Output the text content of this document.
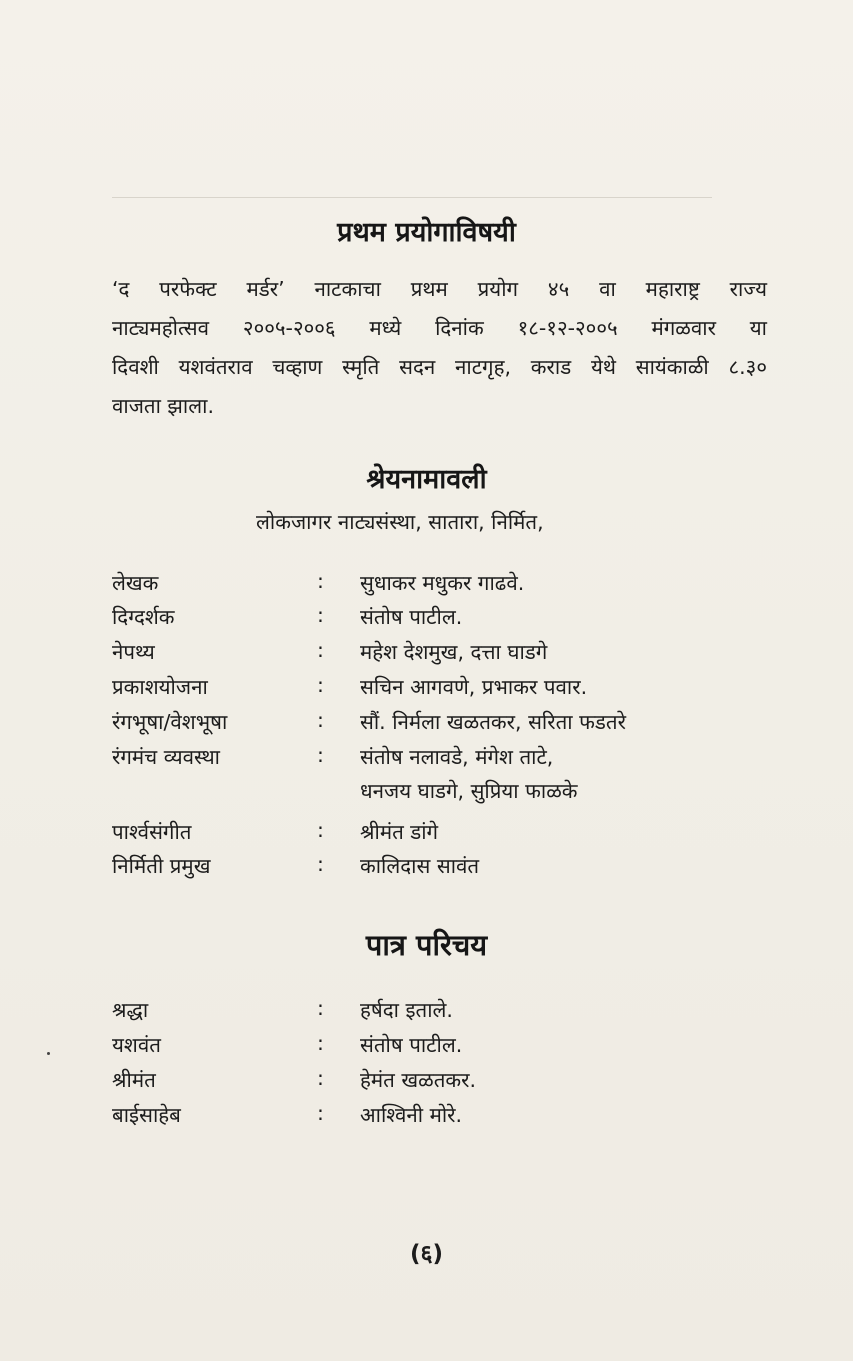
प्रथम प्रयोगाविषयी
‘द परफेक्ट मर्डर’ नाटकाचा प्रथम प्रयोग ४५ वा महाराष्ट्र राज्य
नाट्यमहोत्सव २००५-२००६ मध्ये दिनांक १८-१२-२००५ मंगळवार या
दिवशी यशवंतराव चव्हाण स्मृति सदन नाटगृह, कराड येथे सायंकाळी ८.३०
वाजता झाला.
श्रेयनामावली
लोकजागर नाट्यसंस्था, सातारा, निर्मित,
लेखक	: सुधाकर मधुकर गाढवे.
दिग्दर्शक	: संतोष पाटील.
नेपथ्य	: महेश देशमुख, दत्ता घाडगे
प्रकाशयोजना	: सचिन आगवणे, प्रभाकर पवार.
रंगभूषा/वेशभूषा	: सौं. निर्मला खळतकर, सरिता फडतरे
रंगमंच व्यवस्था	: संतोष नलावडे, मंगेश ताटे,
धनजय घाडगे, सुप्रिया फाळके
पार्श्वसंगीत	: श्रीमंत डांगे
निर्मिती प्रमुख	: कालिदास सावंत
पात्र परिचय
श्रद्धा	: हर्षदा इताले.
यशवंत	: संतोष पाटील.
श्रीमंत	: हेमंत खळतकर.
बाईसाहेब	: आश्विनी मोरे.
(६)
